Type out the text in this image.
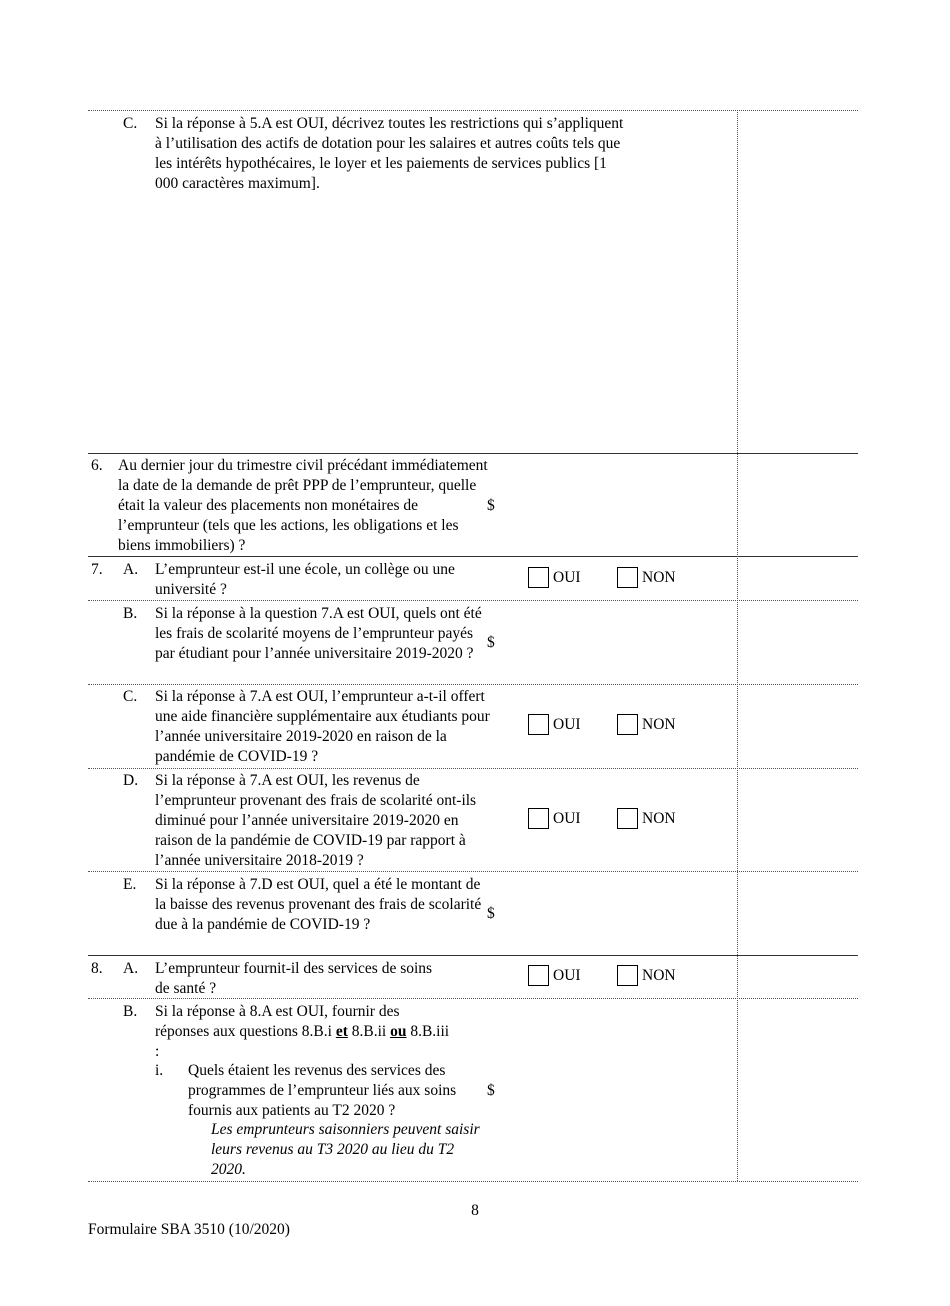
C. Si la réponse à 5.A est OUI, décrivez toutes les restrictions qui s’appliquent à l’utilisation des actifs de dotation pour les salaires et autres coûts tels que les intérêts hypothécaires, le loyer et les paiements de services publics [1 000 caractères maximum].
6. Au dernier jour du trimestre civil précédant immédiatement la date de la demande de prêt PPP de l’emprunteur, quelle était la valeur des placements non monétaires de l’emprunteur (tels que les actions, les obligations et les biens immobiliers) ?
$
7. A. L’emprunteur est-il une école, un collège ou une université ?
OUI	NON
B. Si la réponse à la question 7.A est OUI, quels ont été les frais de scolarité moyens de l’emprunteur payés par étudiant pour l’année universitaire 2019-2020 ?
$
C. Si la réponse à 7.A est OUI, l’emprunteur a-t-il offert une aide financière supplémentaire aux étudiants pour l’année universitaire 2019-2020 en raison de la pandémie de COVID-19 ?
OUI	NON
D. Si la réponse à 7.A est OUI, les revenus de l’emprunteur provenant des frais de scolarité ont-ils diminué pour l’année universitaire 2019-2020 en raison de la pandémie de COVID-19 par rapport à l’année universitaire 2018-2019 ?
OUI	NON
E. Si la réponse à 7.D est OUI, quel a été le montant de la baisse des revenus provenant des frais de scolarité due à la pandémie de COVID-19 ?
$
8. A. L’emprunteur fournit-il des services de soins de santé ?
OUI	NON
B. Si la réponse à 8.A est OUI, fournir des réponses aux questions 8.B.i et 8.B.ii ou 8.B.iii :
i. Quels étaient les revenus des services des programmes de l’emprunteur liés aux soins fournis aux patients au T2 2020 ?
$
Les emprunteurs saisonniers peuvent saisir leurs revenus au T3 2020 au lieu du T2 2020.
8
Formulaire SBA 3510 (10/2020)
